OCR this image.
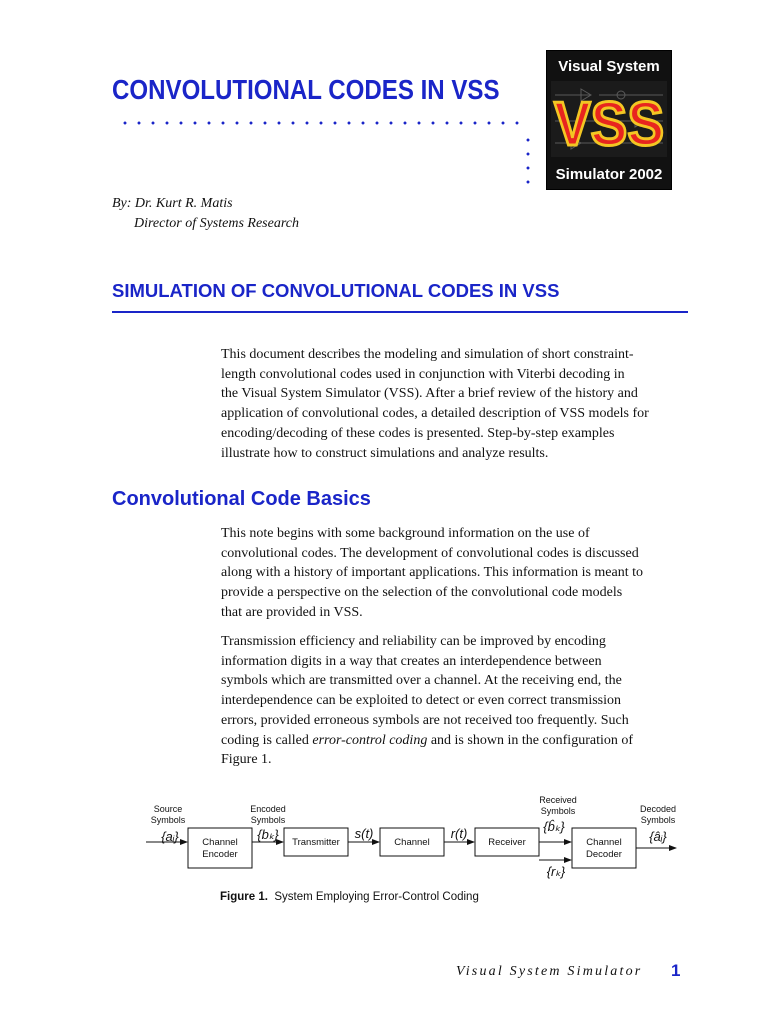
CONVOLUTIONAL CODES IN VSS
Visual System
VSS
Simulator 2002
By: Dr. Kurt R. Matis
Director of Systems Research
SIMULATION OF CONVOLUTIONAL CODES IN VSS

This document describes the modeling and simulation of short constraint-
length convolutional codes used in conjunction with Viterbi decoding in
the Visual System Simulator (VSS). After a brief review of the history and
application of convolutional codes, a detailed description of VSS models for
encoding/decoding of these codes is presented. Step-by-step examples
illustrate how to construct simulations and analyze results.

Convolutional Code Basics

This note begins with some background information on the use of
convolutional codes. The development of convolutional codes is discussed
along with a history of important applications. This information is meant to
provide a perspective on the selection of the convolutional code models
that are provided in VSS.

Transmission efficiency and reliability can be improved by encoding
information digits in a way that creates an interdependence between
symbols which are transmitted over a channel. At the receiving end, the
interdependence can be exploited to detect or even correct transmission
errors, provided erroneous symbols are not received too frequently. Such
coding is called error-control coding and is shown in the configuration of
Figure 1.

Source
Symbols
Encoded
Symbols
Received
Symbols	Decoded
Symbols
Channel
Encoder
Transmitter	Channel	Receiver	Channel
Decoder
{aᵢ}	{bₖ}	s(t)	r(t)	{b̂ₖ}
{rₖ}
{âᵢ}
Figure 1. System Employing Error-Control Coding
Visual System Simulator 1
